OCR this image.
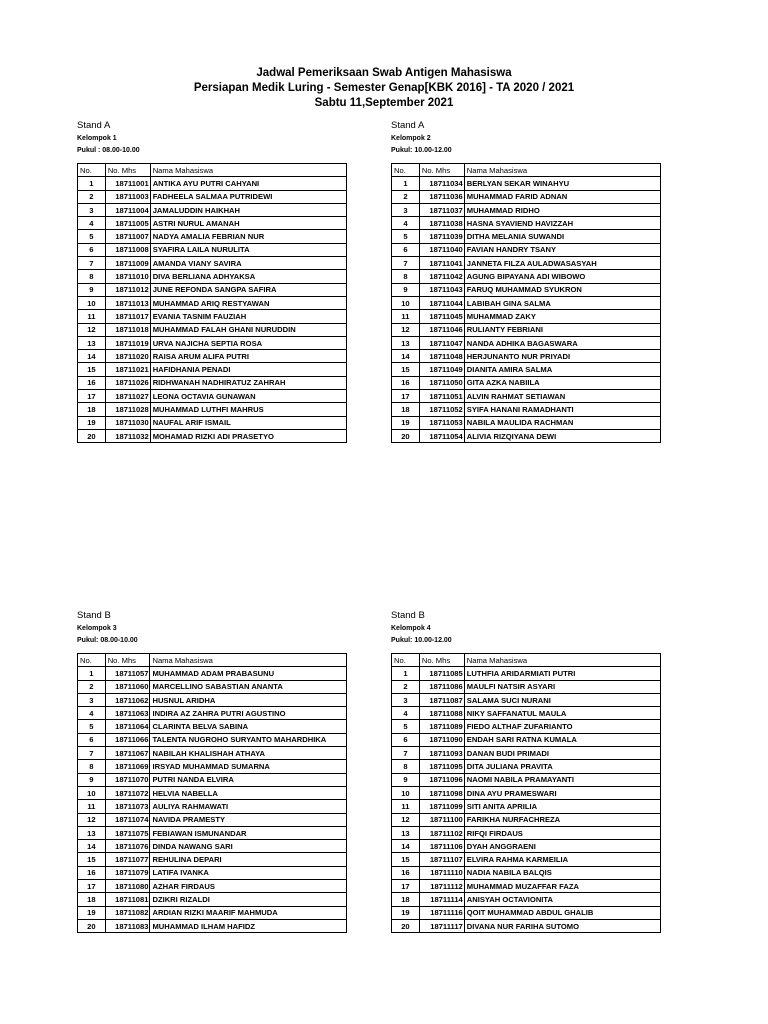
Jadwal Pemeriksaan Swab Antigen Mahasiswa
Persiapan Medik Luring - Semester Genap[KBK 2016] - TA 2020 / 2021
Sabtu 11,September 2021
Stand A
Kelompok 1
Pukul : 08.00-10.00
No.	No. Mhs	Nama Mahasiswa
1	18711001	ANTIKA AYU PUTRI CAHYANI
2	18711003	FADHEELA SALMAA PUTRIDEWI
3	18711004	JAMALUDDIN HAIKHAH
4	18711005	ASTRI NURUL AMANAH
5	18711007	NADYA AMALIA FEBRIAN NUR
6	18711008	SYAFIRA LAILA NURULITA
7	18711009	AMANDA VIANY SAVIRA
8	18711010	DIVA BERLIANA ADHYAKSA
9	18711012	JUNE REFONDA SANGPA SAFIRA
10	18711013	MUHAMMAD ARIQ RESTYAWAN
11	18711017	EVANIA TASNIM FAUZIAH
12	18711018	MUHAMMAD FALAH GHANI NURUDDIN
13	18711019	URVA NAJICHA SEPTIA ROSA
14	18711020	RAISA ARUM ALIFA PUTRI
15	18711021	HAFIDHANIA PENADI
16	18711026	RIDHWANAH NADHIRATUZ ZAHRAH
17	18711027	LEONA OCTAVIA GUNAWAN
18	18711028	MUHAMMAD LUTHFI MAHRUS
19	18711030	NAUFAL ARIF ISMAIL
20	18711032	MOHAMAD RIZKI ADI PRASETYO
Stand A
Kelompok 2
Pukul: 10.00-12.00
No.	No. Mhs	Nama Mahasiswa
1	18711034	BERLYAN SEKAR WINAHYU
2	18711036	MUHAMMAD FARID ADNAN
3	18711037	MUHAMMAD RIDHO
4	18711038	HASNA SYAVIEND HAVIZZAH
5	18711039	DITHA MELANIA SUWANDI
6	18711040	FAVIAN HANDRY TSANY
7	18711041	JANNETA FILZA AULADWASASYAH
8	18711042	AGUNG BIPAYANA ADI WIBOWO
9	18711043	FARUQ MUHAMMAD SYUKRON
10	18711044	LABIBAH GINA SALMA
11	18711045	MUHAMMAD ZAKY
12	18711046	RULIANTY FEBRIANI
13	18711047	NANDA ADHIKA BAGASWARA
14	18711048	HERJUNANTO NUR PRIYADI
15	18711049	DIANITA AMIRA SALMA
16	18711050	GITA AZKA NABIILA
17	18711051	ALVIN RAHMAT SETIAWAN
18	18711052	SYIFA HANANI RAMADHANTI
19	18711053	NABILA MAULIDA RACHMAN
20	18711054	ALIVIA RIZQIYANA DEWI
Stand B
Kelompok 3
Pukul: 08.00-10.00
No.	No. Mhs	Nama Mahasiswa
1	18711057	MUHAMMAD ADAM PRABASUNU
2	18711060	MARCELLINO SABASTIAN ANANTA
3	18711062	HUSNUL ARIDHA
4	18711063	INDIRA AZ ZAHRA PUTRI AGUSTINO
5	18711064	CLARINTA BELVA SABINA
6	18711066	TALENTA NUGROHO SURYANTO MAHARDHIKA
7	18711067	NABILAH KHALISHAH ATHAYA
8	18711069	IRSYAD MUHAMMAD SUMARNA
9	18711070	PUTRI NANDA ELVIRA
10	18711072	HELVIA NABELLA
11	18711073	AULIYA RAHMAWATI
12	18711074	NAVIDA PRAMESTY
13	18711075	FEBIAWAN ISMUNANDAR
14	18711076	DINDA NAWANG SARI
15	18711077	REHULINA DEPARI
16	18711079	LATIFA IVANKA
17	18711080	AZHAR FIRDAUS
18	18711081	DZIKRI RIZALDI
19	18711082	ARDIAN RIZKI MAARIF MAHMUDA
20	18711083	MUHAMMAD ILHAM HAFIDZ
Stand B
Kelompok 4
Pukul: 10.00-12.00
No.	No. Mhs	Nama Mahasiswa
1	18711085	LUTHFIA ARIDARMIATI PUTRI
2	18711086	MAULFI NATSIR ASYARI
3	18711087	SALAMA SUCI NURANI
4	18711088	NIKY SAFFANATUL MAULA
5	18711089	FIEDO ALTHAF ZUFARIANTO
6	18711090	ENDAH SARI RATNA KUMALA
7	18711093	DANAN BUDI PRIMADI
8	18711095	DITA JULIANA PRAVITA
9	18711096	NAOMI NABILA PRAMAYANTI
10	18711098	DINA AYU PRAMESWARI
11	18711099	SITI ANITA APRILIA
12	18711100	FARIKHA NURFACHREZA
13	18711102	RIFQI FIRDAUS
14	18711106	DYAH ANGGRAENI
15	18711107	ELVIRA RAHMA KARMEILIA
16	18711110	NADIA NABILA BALQIS
17	18711112	MUHAMMAD MUZAFFAR FAZA
18	18711114	ANISYAH OCTAVIONITA
19	18711116	QOIT MUHAMMAD ABDUL GHALIB
20	18711117	DIVANA NUR FARIHA SUTOMO
